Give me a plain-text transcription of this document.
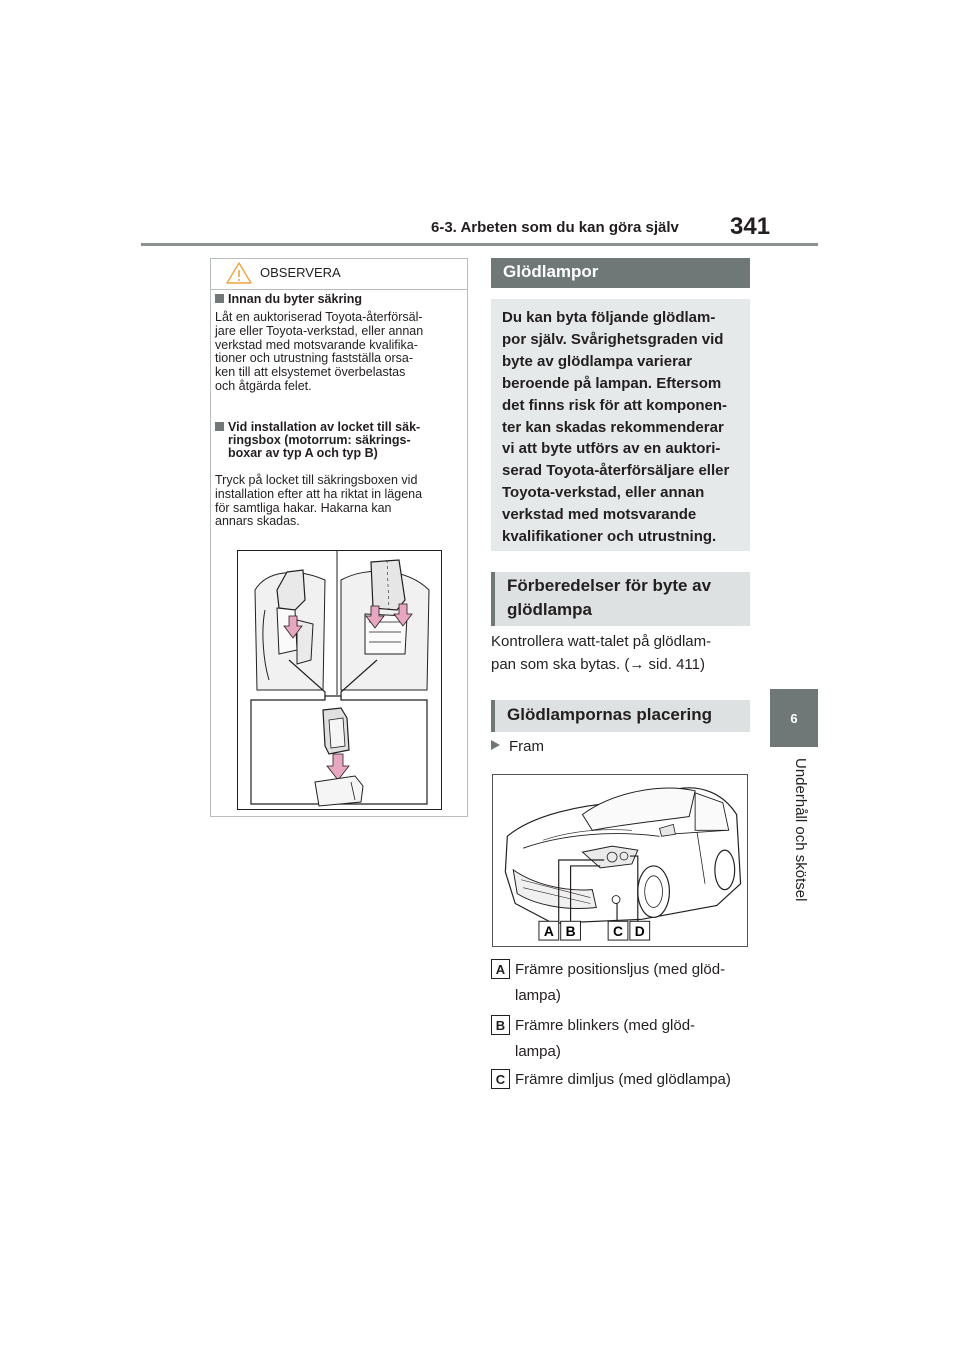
6-3. Arbeten som du kan göra själv 341
6
Underhåll och skötsel
OBSERVERA
Innan du byter säkring
Låt en auktoriserad Toyota-återförsäl-
jare eller Toyota-verkstad, eller annan
verkstad med motsvarande kvalifika-
tioner och utrustning fastställa orsa-
ken till att elsystemet överbelastas
och åtgärda felet.
Vid installation av locket till säk-
ringsbox (motorrum: säkrings-
boxar av typ A och typ B)
Tryck på locket till säkringsboxen vid
installation efter att ha riktat in lägena
för samtliga hakar. Hakarna kan
annars skadas.
Glödlampor
Du kan byta följande glödlam-
por själv. Svårighetsgraden vid
byte av glödlampa varierar
beroende på lampan. Eftersom
det finns risk för att komponen-
ter kan skadas rekommenderar
vi att byte utförs av en auktori-
serad Toyota-återförsäljare eller
Toyota-verkstad, eller annan
verkstad med motsvarande
kvalifikationer och utrustning.
Förberedelser för byte av
glödlampa
Kontrollera watt-talet på glödlam-
pan som ska bytas. (→ sid. 411)
Glödlampornas placering
Fram
A B	C D
A Främre positionsljus (med glöd-
lampa)
B Främre blinkers (med glöd-
lampa)
C Främre dimljus (med glödlampa)
